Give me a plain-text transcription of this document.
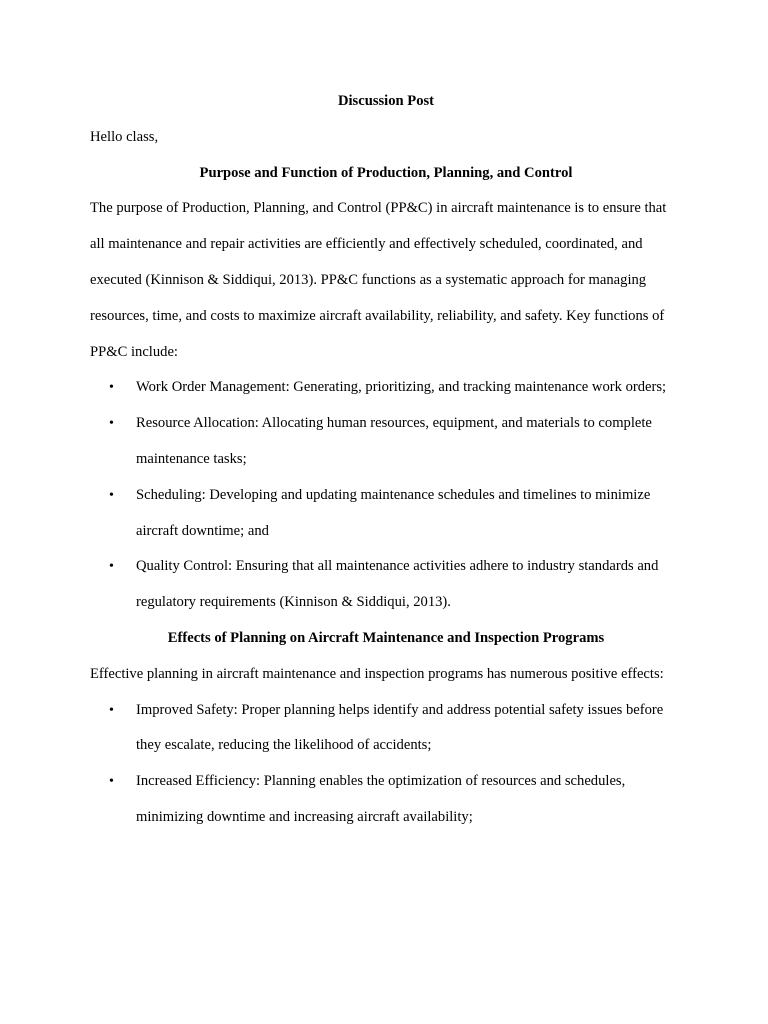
Discussion Post

Hello class,

Purpose and Function of Production, Planning, and Control

The purpose of Production, Planning, and Control (PP&C) in aircraft maintenance is to ensure that all maintenance and repair activities are efficiently and effectively scheduled, coordinated, and executed (Kinnison & Siddiqui, 2013). PP&C functions as a systematic approach for managing resources, time, and costs to maximize aircraft availability, reliability, and safety. Key functions of PP&C include:

• Work Order Management: Generating, prioritizing, and tracking maintenance work orders;
• Resource Allocation: Allocating human resources, equipment, and materials to complete maintenance tasks;
• Scheduling: Developing and updating maintenance schedules and timelines to minimize aircraft downtime; and
• Quality Control: Ensuring that all maintenance activities adhere to industry standards and regulatory requirements (Kinnison & Siddiqui, 2013).

Effects of Planning on Aircraft Maintenance and Inspection Programs

Effective planning in aircraft maintenance and inspection programs has numerous positive effects:

• Improved Safety: Proper planning helps identify and address potential safety issues before they escalate, reducing the likelihood of accidents;
• Increased Efficiency: Planning enables the optimization of resources and schedules, minimizing downtime and increasing aircraft availability;
